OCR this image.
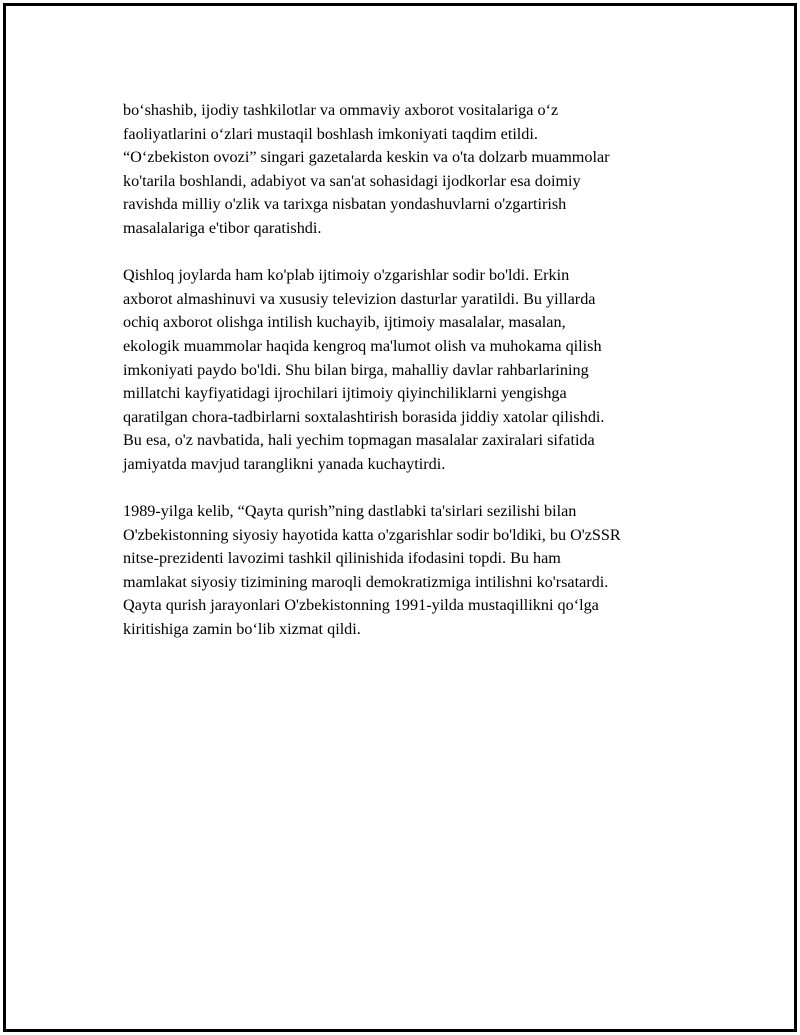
bo‘shashib, ijodiy tashkilotlar va ommaviy axborot vositalariga o‘z
faoliyatlarini o‘zlari mustaqil boshlash imkoniyati taqdim etildi.
“O‘zbekiston ovozi” singari gazetalarda keskin va o'ta dolzarb muammolar
ko'tarila boshlandi, adabiyot va san'at sohasidagi ijodkorlar esa doimiy
ravishda milliy o'zlik va tarixga nisbatan yondashuvlarni o'zgartirish
masalalariga e'tibor qaratishdi.

Qishloq joylarda ham ko'plab ijtimoiy o'zgarishlar sodir bo'ldi. Erkin
axborot almashinuvi va xususiy televizion dasturlar yaratildi. Bu yillarda
ochiq axborot olishga intilish kuchayib, ijtimoiy masalalar, masalan,
ekologik muammolar haqida kengroq ma'lumot olish va muhokama qilish
imkoniyati paydo bo'ldi. Shu bilan birga, mahalliy davlar rahbarlarining
millatchi kayfiyatidagi ijrochilari ijtimoiy qiyinchiliklarni yengishga
qaratilgan chora-tadbirlarni soxtalashtirish borasida jiddiy xatolar qilishdi.
Bu esa, o'z navbatida, hali yechim topmagan masalalar zaxiralari sifatida
jamiyatda mavjud taranglikni yanada kuchaytirdi.

1989-yilga kelib, “Qayta qurish”ning dastlabki ta'sirlari sezilishi bilan
O'zbekistonning siyosiy hayotida katta o'zgarishlar sodir bo'ldiki, bu O'zSSR
nitse-prezidenti lavozimi tashkil qilinishida ifodasini topdi. Bu ham
mamlakat siyosiy tizimining maroqli demokratizmiga intilishni ko'rsatardi.
Qayta qurish jarayonlari O'zbekistonning 1991-yilda mustaqillikni qo‘lga
kiritishiga zamin bo‘lib xizmat qildi.
